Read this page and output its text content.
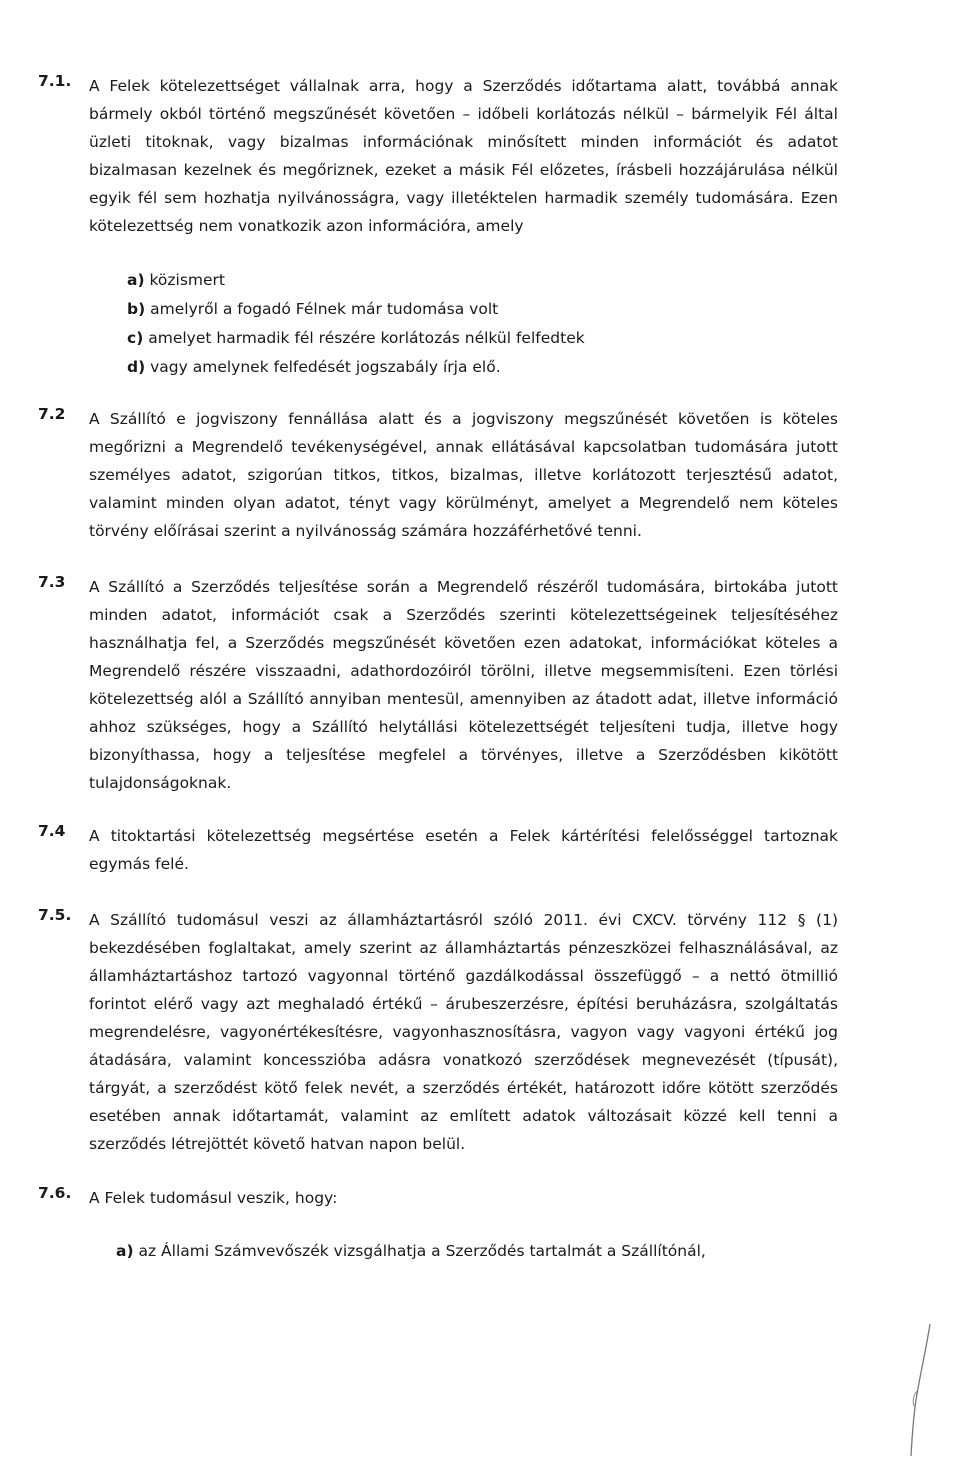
7.1. A Felek kötelezettséget vállalnak arra, hogy a Szerződés időtartama alatt, továbbá annak bármely okból történő megszűnését követően – időbeli korlátozás nélkül – bármelyik Fél által üzleti titoknak, vagy bizalmas információnak minősített minden információt és adatot bizalmasan kezelnek és megőriznek, ezeket a másik Fél előzetes, írásbeli hozzájárulása nélkül egyik fél sem hozhatja nyilvánosságra, vagy illetéktelen harmadik személy tudomására. Ezen kötelezettség nem vonatkozik azon információra, amely
a) közismert
b) amelyről a fogadó Félnek már tudomása volt
c) amelyet harmadik fél részére korlátozás nélkül felfedtek
d) vagy amelynek felfedését jogszabály írja elő.
7.2 A Szállító e jogviszony fennállása alatt és a jogviszony megszűnését követően is köteles megőrizni a Megrendelő tevékenységével, annak ellátásával kapcsolatban tudomására jutott személyes adatot, szigorúan titkos, titkos, bizalmas, illetve korlátozott terjesztésű adatot, valamint minden olyan adatot, tényt vagy körülményt, amelyet a Megrendelő nem köteles törvény előírásai szerint a nyilvánosság számára hozzáférhetővé tenni.
7.3 A Szállító a Szerződés teljesítése során a Megrendelő részéről tudomására, birtokába jutott minden adatot, információt csak a Szerződés szerinti kötelezettségeinek teljesítéséhez használhatja fel, a Szerződés megszűnését követően ezen adatokat, információkat köteles a Megrendelő részére visszaadni, adathordozóiról törölni, illetve megsemmisíteni. Ezen törlési kötelezettség alól a Szállító annyiban mentesül, amennyiben az átadott adat, illetve információ ahhoz szükséges, hogy a Szállító helytállási kötelezettségét teljesíteni tudja, illetve hogy bizonyíthassa, hogy a teljesítése megfelel a törvényes, illetve a Szerződésben kikötött tulajdonságoknak.
7.4 A titoktartási kötelezettség megsértése esetén a Felek kártérítési felelősséggel tartoznak egymás felé.
7.5. A Szállító tudomásul veszi az államháztartásról szóló 2011. évi CXCV. törvény 112 § (1) bekezdésében foglaltakat, amely szerint az államháztartás pénzeszközei felhasználásával, az államháztartáshoz tartozó vagyonnal történő gazdálkodással összefüggő – a nettó ötmillió forintot elérő vagy azt meghaladó értékű – árubeszerzésre, építési beruházásra, szolgáltatás megrendelésre, vagyonértékesítésre, vagyonhasznosításra, vagyon vagy vagyoni értékű jog átadására, valamint koncesszióba adásra vonatkozó szerződések megnevezését (típusát), tárgyát, a szerződést kötő felek nevét, a szerződés értékét, határozott időre kötött szerződés esetében annak időtartamát, valamint az említett adatok változásait közzé kell tenni a szerződés létrejöttét követő hatvan napon belül.
7.6. A Felek tudomásul veszik, hogy:
a) az Állami Számvevőszék vizsgálhatja a Szerződés tartalmát a Szállítónál,
